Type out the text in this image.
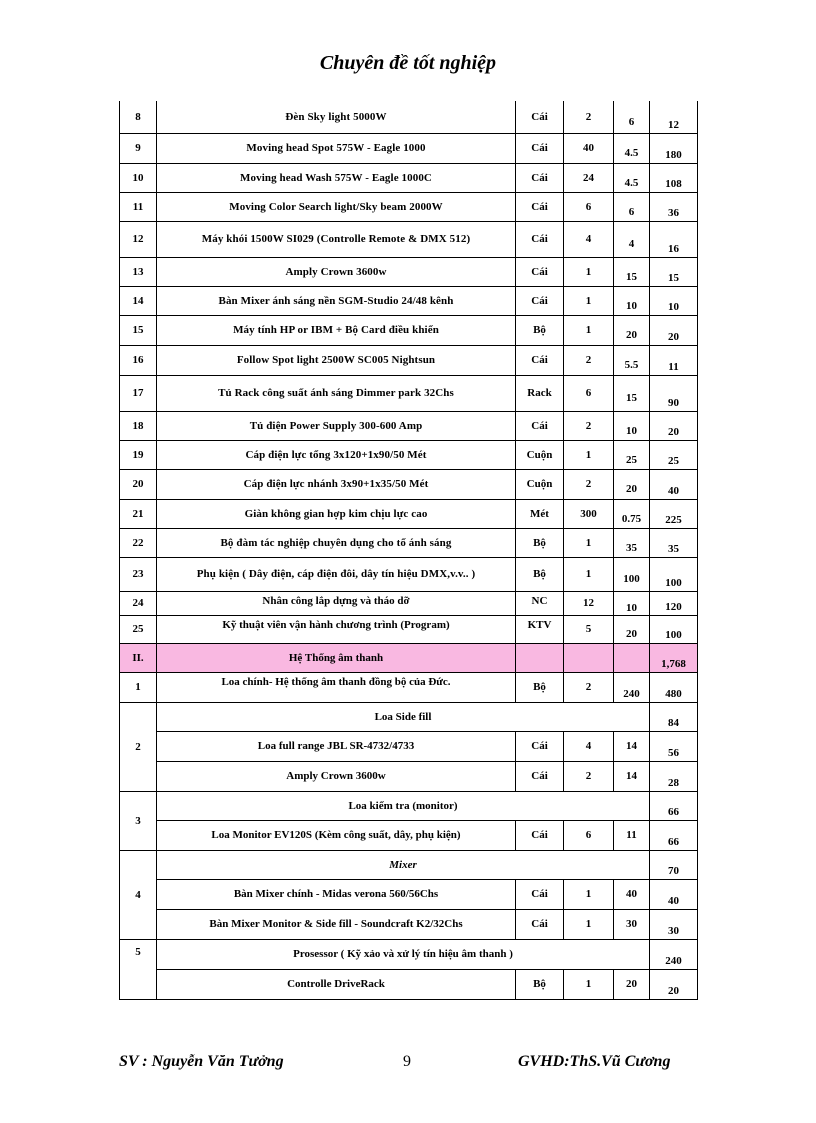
Chuyên đề tốt nghiệp
8	Đèn Sky light 5000W	Cái	2	6	12
9	Moving head Spot 575W - Eagle 1000	Cái	40	4.5	180
10	Moving head Wash 575W - Eagle 1000C	Cái	24	4.5	108
11	Moving Color Search light/Sky beam 2000W	Cái	6	6	36
12	Máy khói 1500W SI029 (Controlle Remote & DMX 512)	Cái	4	4	16
13	Amply Crown 3600w	Cái	1	15	15
14	Bàn Mixer ánh sáng nền SGM-Studio 24/48 kênh	Cái	1	10	10
15	Máy tính HP or IBM + Bộ Card điều khiển	Bộ	1	20	20
16	Follow Spot light 2500W SC005 Nightsun	Cái	2	5.5	11
17	Tủ Rack công suất ánh sáng Dimmer park 32Chs	Rack	6	15	90
18	Tủ điện Power Supply 300-600 Amp	Cái	2	10	20
19	Cáp điện lực tổng 3x120+1x90/50 Mét	Cuộn	1	25	25
20	Cáp điện lực nhánh 3x90+1x35/50 Mét	Cuộn	2	20	40
21	Giàn không gian hợp kim chịu lực cao	Mét	300	0.75	225
22	Bộ đàm tác nghiệp chuyên dụng cho tổ ánh sáng	Bộ	1	35	35
23	Phụ kiện ( Dây điện, cáp điện đôi, dây tín hiệu DMX,v.v.. )	Bộ	1	100	100
24	Nhân công lắp dựng và tháo dỡ	NC	12	10	120
25	Kỹ thuật viên vận hành chương trình (Program)	KTV	5	20	100
II.	Hệ Thống âm thanh				1,768
1	Loa chính- Hệ thống âm thanh đồng bộ của Đức.	Bộ	2	240	480
2	Loa Side fill				84
	Loa full range JBL SR-4732/4733	Cái	4	14	56
	Amply Crown 3600w	Cái	2	14	28
3	Loa kiểm tra (monitor)				66
	Loa Monitor EV120S (Kèm công suất, dây, phụ kiện)	Cái	6	11	66
4	Mixer				70
	Bàn Mixer chính - Midas verona 560/56Chs	Cái	1	40	40
	Bàn Mixer Monitor & Side fill - Soundcraft K2/32Chs	Cái	1	30	30
5	Prosessor ( Kỹ xảo và xử lý tín hiệu âm thanh )				240
	Controlle DriveRack	Bộ	1	20	20
SV : Nguyễn Văn Tưởng	9	GVHD:ThS.Vũ Cương
